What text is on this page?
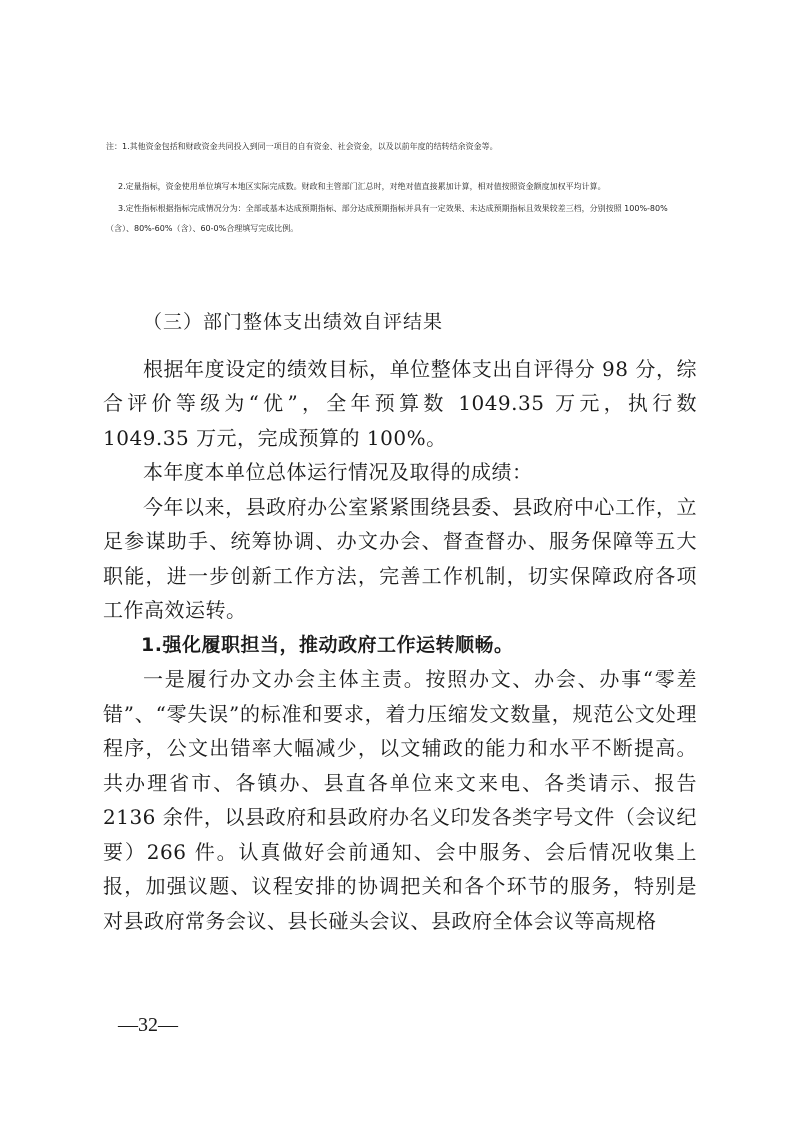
注：1.其他资金包括和财政资金共同投入到同一项目的自有资金、社会资金，以及以前年度的结转结余资金等。

2.定量指标，资金使用单位填写本地区实际完成数。财政和主管部门汇总时，对绝对值直接累加计算，相对值按照资金额度加权平均计算。

3.定性指标根据指标完成情况分为：全部或基本达成预期指标、部分达成预期指标并具有一定效果、未达成预期指标且效果较差三档，分别按照 100%-80%

（含）、80%-60%（含）、60-0%合理填写完成比例。

（三）部门整体支出绩效自评结果

根据年度设定的绩效目标，单位整体支出自评得分 98 分，综合评价等级为“优”，全年预算数 1049.35 万元，执行数 1049.35 万元，完成预算的 100%。

本年度本单位总体运行情况及取得的成绩：

今年以来，县政府办公室紧紧围绕县委、县政府中心工作，立足参谋助手、统筹协调、办文办会、督查督办、服务保障等五大职能，进一步创新工作方法，完善工作机制，切实保障政府各项工作高效运转。

1.强化履职担当，推动政府工作运转顺畅。

一是履行办文办会主体主责。按照办文、办会、办事“零差错”、“零失误”的标准和要求，着力压缩发文数量，规范公文处理程序，公文出错率大幅减少，以文辅政的能力和水平不断提高。共办理省市、各镇办、县直各单位来文来电、各类请示、报告 2136 余件，以县政府和县政府办名义印发各类字号文件（会议纪要）266 件。认真做好会前通知、会中服务、会后情况收集上报，加强议题、议程安排的协调把关和各个环节的服务，特别是对县政府常务会议、县长碰头会议、县政府全体会议等高规格

—32—
